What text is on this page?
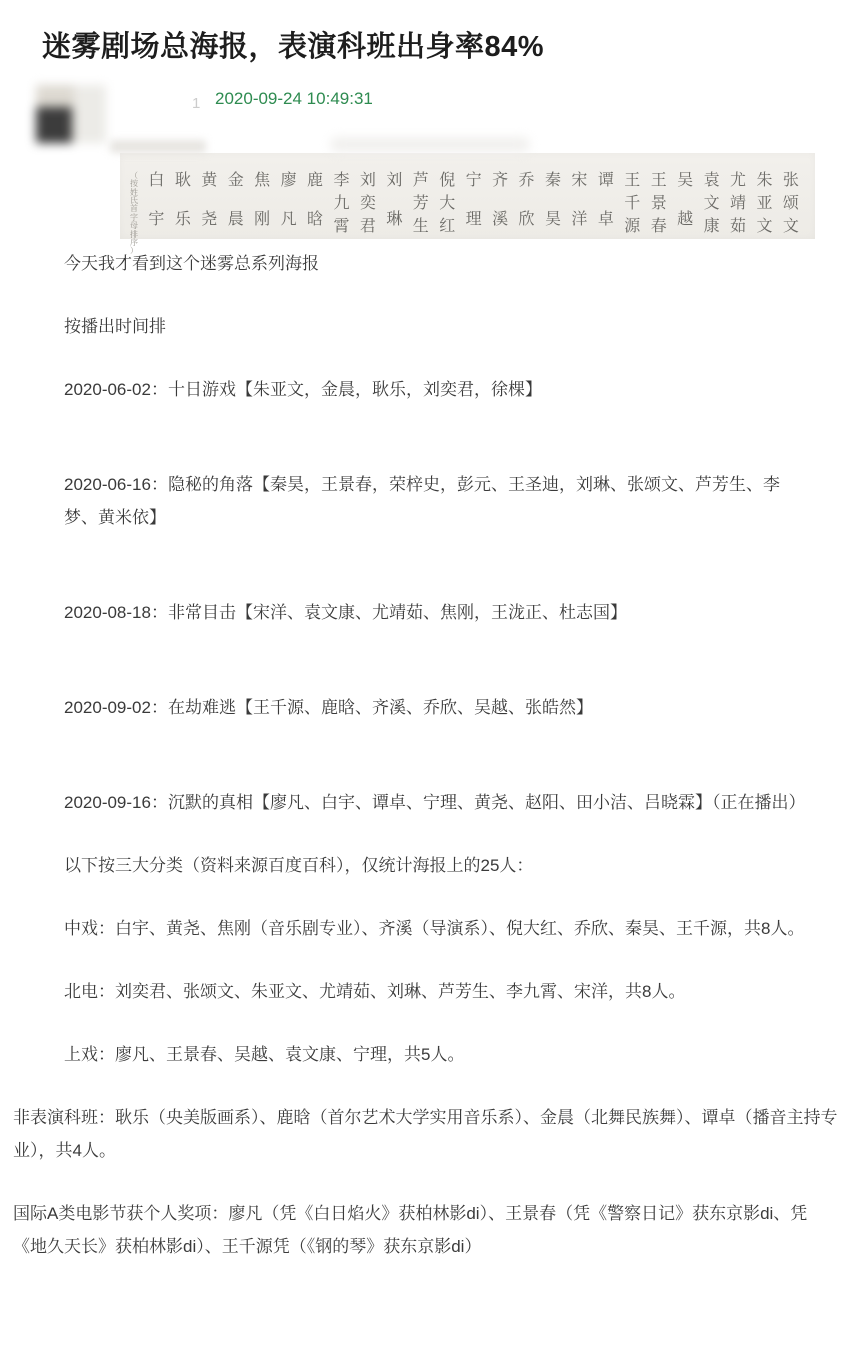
迷雾剧场总海报，表演科班出身率84%
1 2020-09-24 10:49:31
（
按
姓
氏
首
字
母
排
序
）
白
宇
耿
乐
黄
尧
金
晨
焦
刚
廖
凡
鹿
晗
李
九
霄
刘
奕
君
刘
琳
芦
芳
生
倪
大
红
宁
理
齐
溪
乔
欣
秦
昊
宋
洋
谭
卓
王
千
源
王
景
春
吴
越
袁
文
康
尤
靖
茹
朱
亚
文
张
颂
文

今天我才看到这个迷雾总系列海报

按播出时间排

2020-06-02：十日游戏【朱亚文，金晨，耿乐，刘奕君，徐棵】

2020-06-16：隐秘的角落【秦昊，王景春，荣梓史，彭元、王圣迪，刘琳、张颂文、芦芳生、李梦、黄米依】

2020-08-18：非常目击【宋洋、袁文康、尤靖茹、焦刚，王泷正、杜志国】

2020-09-02：在劫难逃【王千源、鹿晗、齐溪、乔欣、吴越、张皓然】

2020-09-16：沉默的真相【廖凡、白宇、谭卓、宁理、黄尧、赵阳、田小洁、吕晓霖】（正在播出）

以下按三大分类（资料来源百度百科），仅统计海报上的25人：

中戏：白宇、黄尧、焦刚（音乐剧专业）、齐溪（导演系）、倪大红、乔欣、秦昊、王千源，共8人。

北电：刘奕君、张颂文、朱亚文、尤靖茹、刘琳、芦芳生、李九霄、宋洋，共8人。

上戏：廖凡、王景春、吴越、袁文康、宁理，共5人。

非表演科班：耿乐（央美版画系）、鹿晗（首尔艺术大学实用音乐系）、金晨（北舞民族舞）、谭卓（播音主持专业），共4人。

国际A类电影节获个人奖项：廖凡（凭《白日焰火》获柏林影di）、王景春（凭《警察日记》获东京影di、凭《地久天长》获柏林影di）、王千源凭（《钢的琴》获东京影di）
